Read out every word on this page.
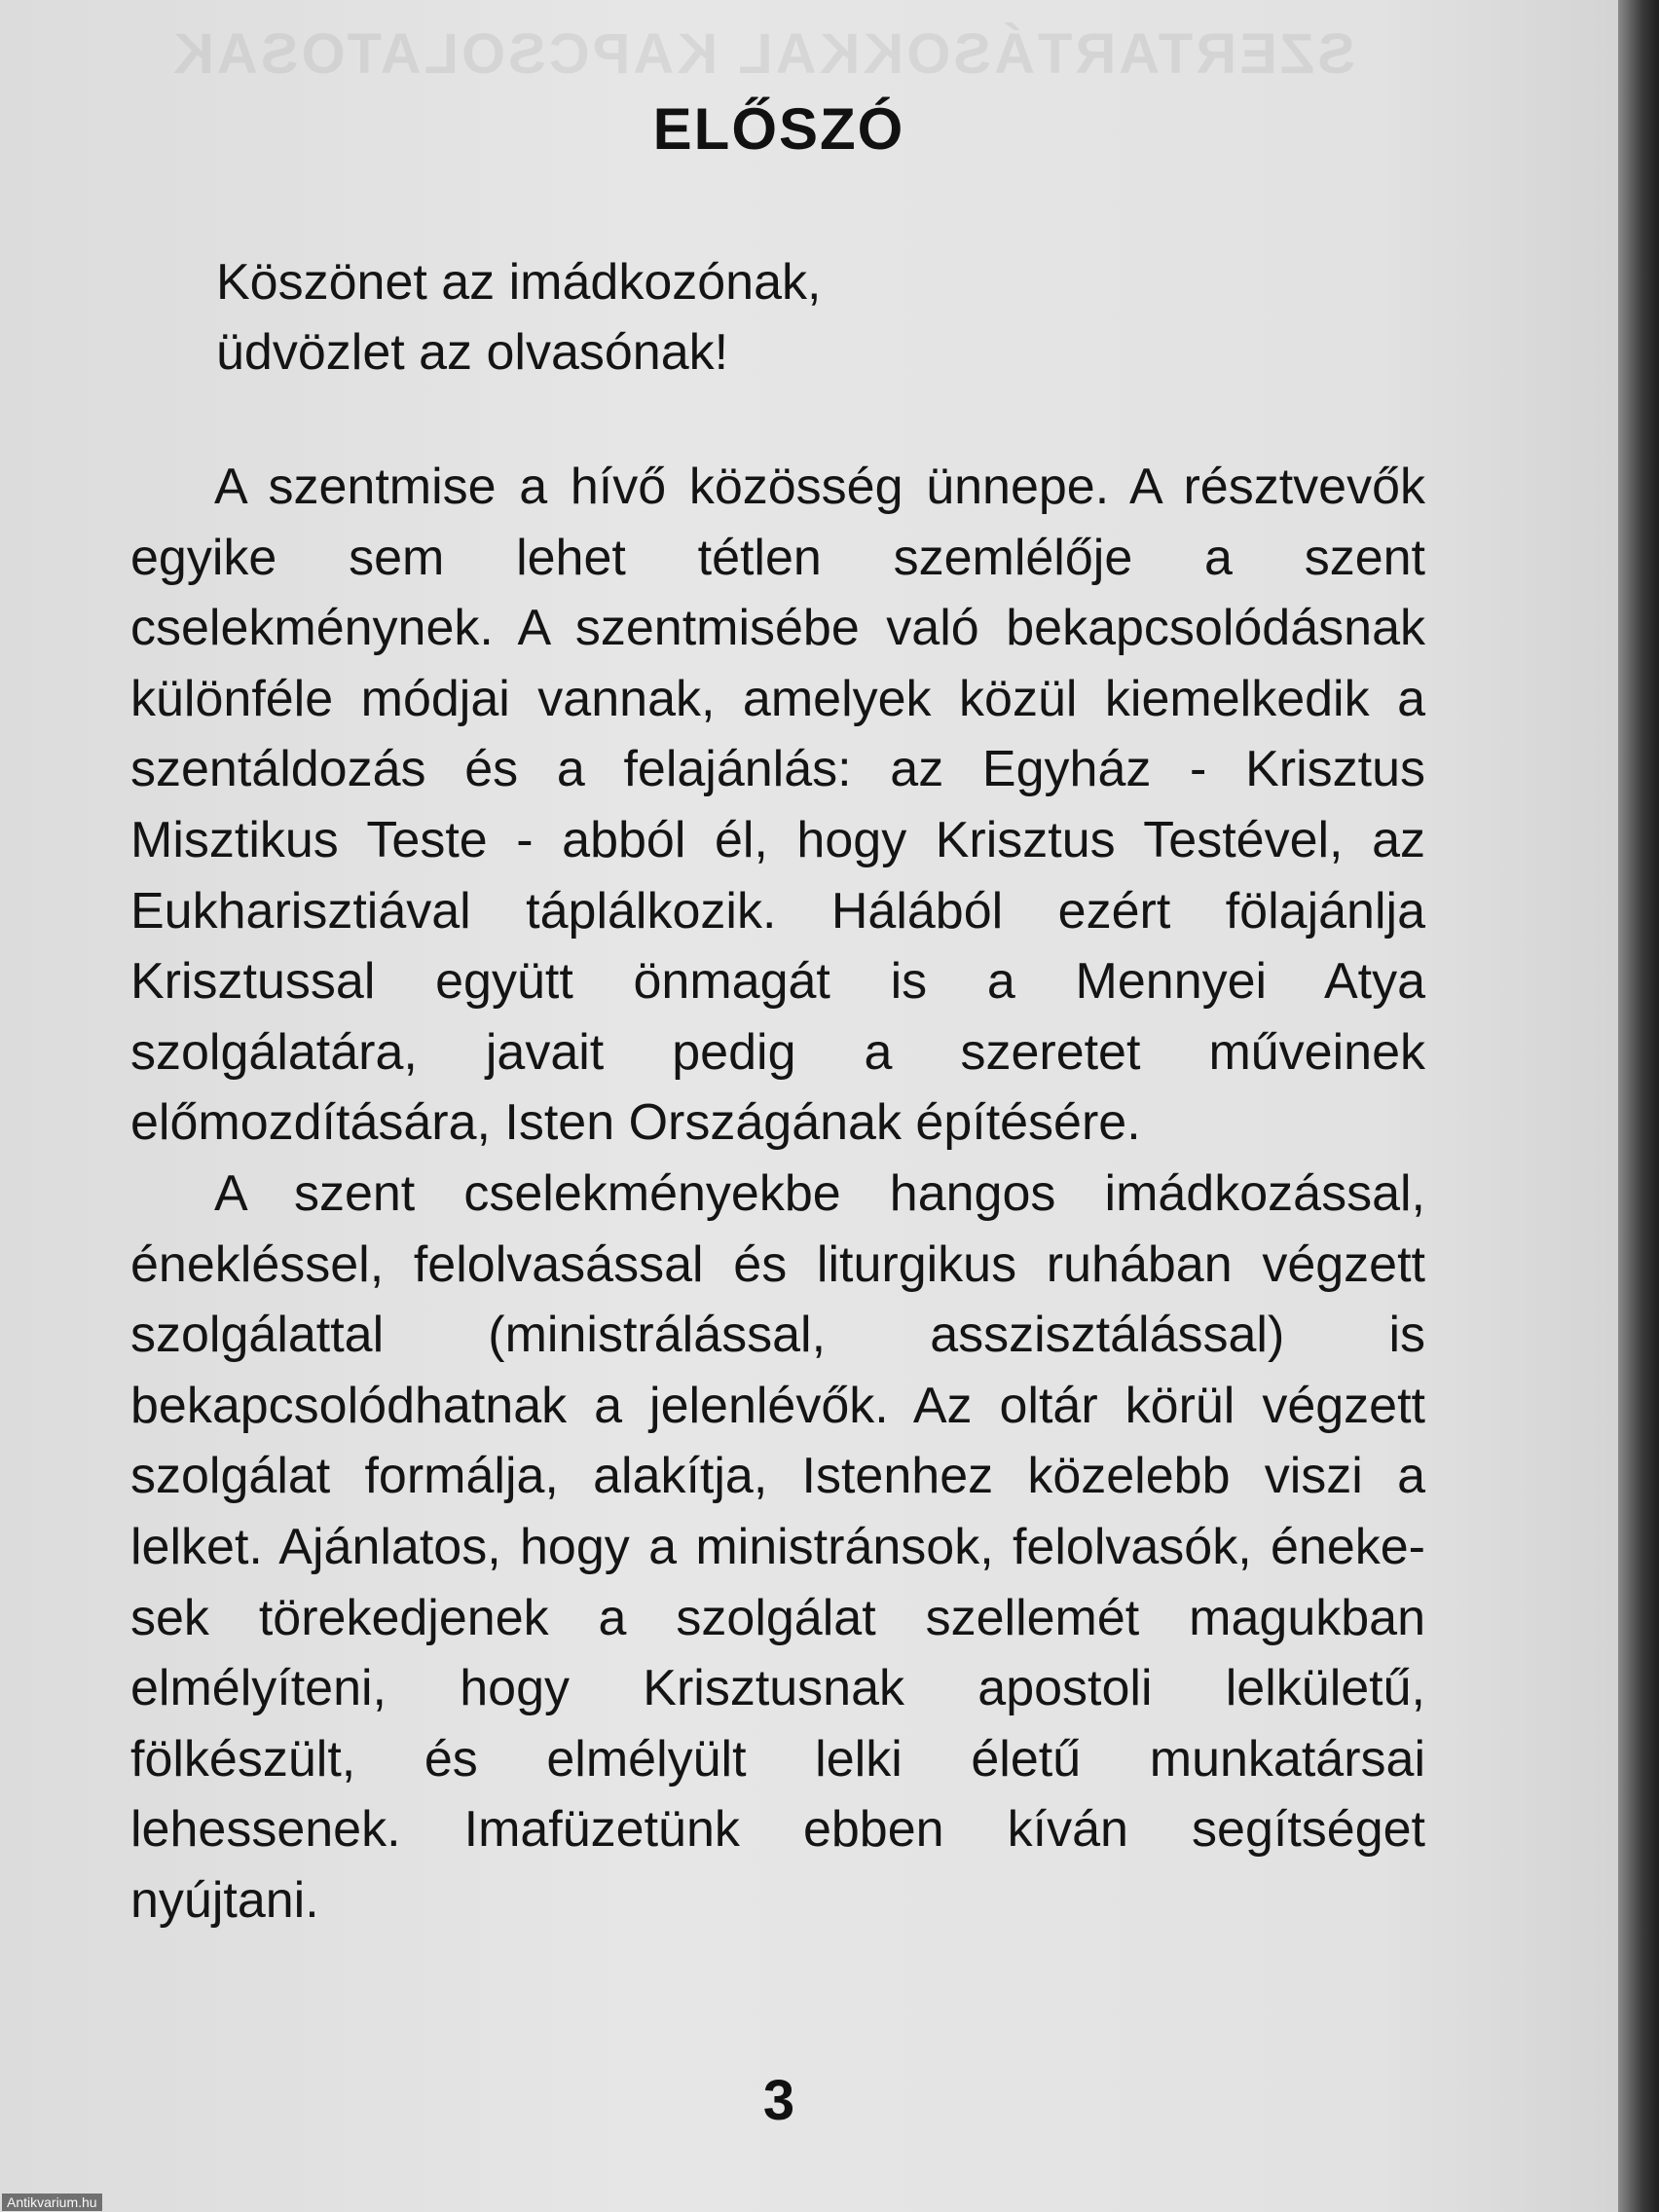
SZERTARTÁSOKKAL KAPCSOLATOSAK
ELŐSZÓ
Köszönet az imádkozónak,
üdvözlet az olvasónak!

A szentmise a hívő közösség ünnepe. A résztvevők egyike sem lehet tétlen szemlélője a szent cselekménynek. A szentmisébe való bekapcsolódásnak különféle módjai vannak, amelyek közül kiemelkedik a szentáldozás és a felajánlás: az Egyház - Krisztus Misztikus Teste - abból él, hogy Krisztus Testével, az Eukharisztiával táplálkozik. Hálából ezért fölajánlja Krisztussal együtt önmagát is a Mennyei Atya szolgálatára, javait pedig a szeretet műveinek előmozdítására, Isten Országának építésére.

A szent cselekményekbe hangos imádkozással, énekléssel, felolvasással és liturgikus ruhában végzett szolgálattal (ministrálással, asszisztálással) is bekapcsolódhatnak a jelenlévők. Az oltár körül végzett szolgálat formálja, alakítja, Istenhez közelebb viszi a lelket. Ajánlatos, hogy a ministránsok, felolvasók, énekesek törekedjenek a szolgálat szellemét magukban elmélyíteni, hogy Krisztusnak apostoli lelkületű, fölkészült, és elmélyült lelki életű munkatársai lehessenek. Imafüzetünk ebben kíván segítséget nyújtani.

3
Antikvarium.hu
